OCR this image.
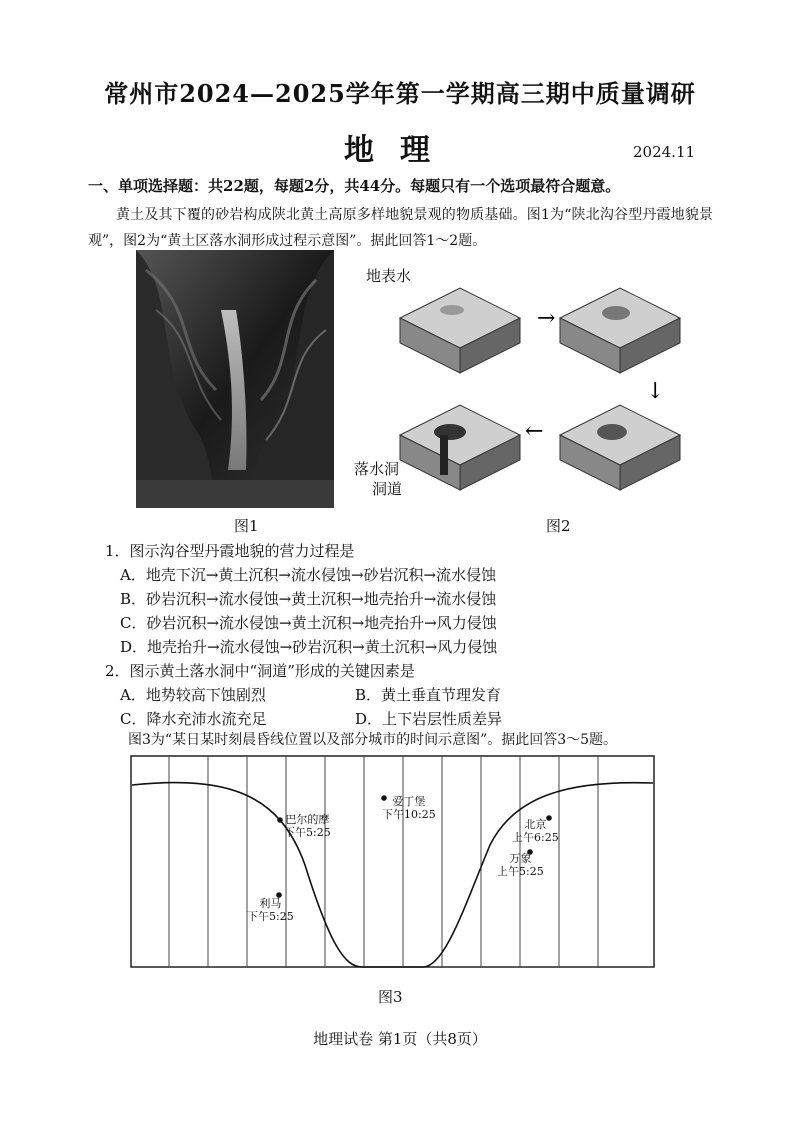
常州市2024—2025学年第一学期高三期中质量调研
地理	2024.11
一、单项选择题：共22题，每题2分，共44分。每题只有一个选项最符合题意。
黄土及其下覆的砂岩构成陕北黄土高原多样地貌景观的物质基础。图1为“陕北沟谷型丹霞地貌景观”，图2为“黄土区落水洞形成过程示意图”。据此回答1～2题。
图1
地表水
→
↓
←
落水洞
洞道
图2
1．图示沟谷型丹霞地貌的营力过程是
A．地壳下沉→黄土沉积→流水侵蚀→砂岩沉积→流水侵蚀
B．砂岩沉积→流水侵蚀→黄土沉积→地壳抬升→流水侵蚀
C．砂岩沉积→流水侵蚀→黄土沉积→地壳抬升→风力侵蚀
D．地壳抬升→流水侵蚀→砂岩沉积→黄土沉积→风力侵蚀
2．图示黄土落水洞中“洞道”形成的关键因素是
A．地势较高下蚀剧烈	B．黄土垂直节理发育
C．降水充沛水流充足	D．上下岩层性质差异
图3为“某日某时刻晨昏线位置以及部分城市的时间示意图”。据此回答3～5题。
巴尔的摩
下午5:25
爱丁堡
下午10:25
北京
上午6:25
万象
上午5:25
利马
下午5:25
图3
地理试卷 第1页（共8页）
